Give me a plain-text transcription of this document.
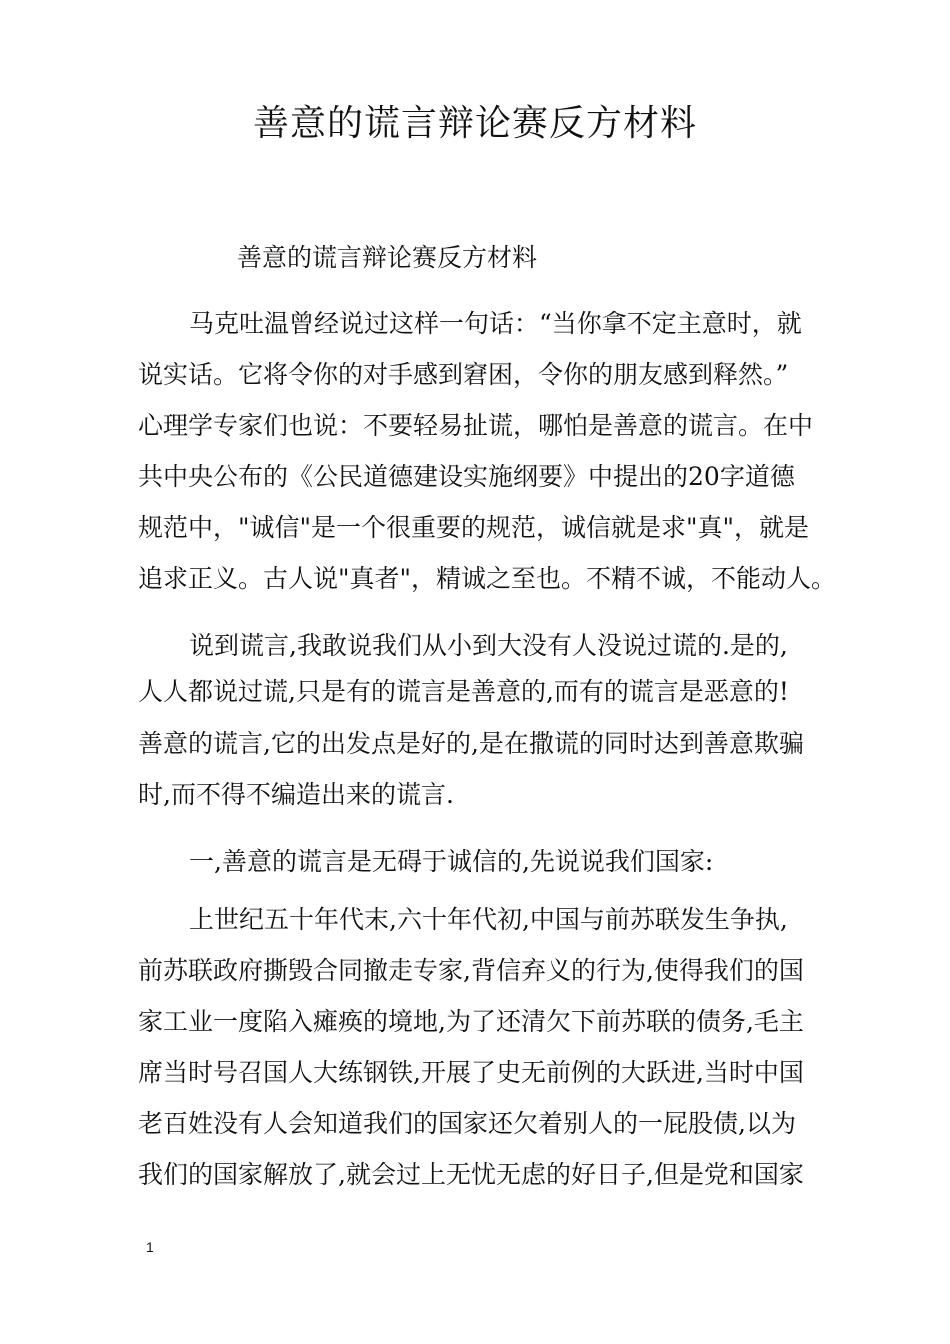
善意的谎言辩论赛反方材料
善意的谎言辩论赛反方材料
马克吐温曾经说过这样一句话：“当你拿不定主意时，就
说实话。它将令你的对手感到窘困，令你的朋友感到释然。”
心理学专家们也说：不要轻易扯谎，哪怕是善意的谎言。在中
共中央公布的《公民道德建设实施纲要》中提出的20字道德
规范中，"诚信"是一个很重要的规范，诚信就是求"真"，就是
追求正义。古人说"真者"，精诚之至也。不精不诚，不能动人。
说到谎言,我敢说我们从小到大没有人没说过谎的.是的,
人人都说过谎,只是有的谎言是善意的,而有的谎言是恶意的!
善意的谎言,它的出发点是好的,是在撒谎的同时达到善意欺骗
时,而不得不编造出来的谎言.
一,善意的谎言是无碍于诚信的,先说说我们国家:
上世纪五十年代末,六十年代初,中国与前苏联发生争执,
前苏联政府撕毁合同撤走专家,背信弃义的行为,使得我们的国
家工业一度陷入瘫痪的境地,为了还清欠下前苏联的债务,毛主
席当时号召国人大练钢铁,开展了史无前例的大跃进,当时中国
老百姓没有人会知道我们的国家还欠着别人的一屁股债,以为
我们的国家解放了,就会过上无忧无虑的好日子,但是党和国家
1
